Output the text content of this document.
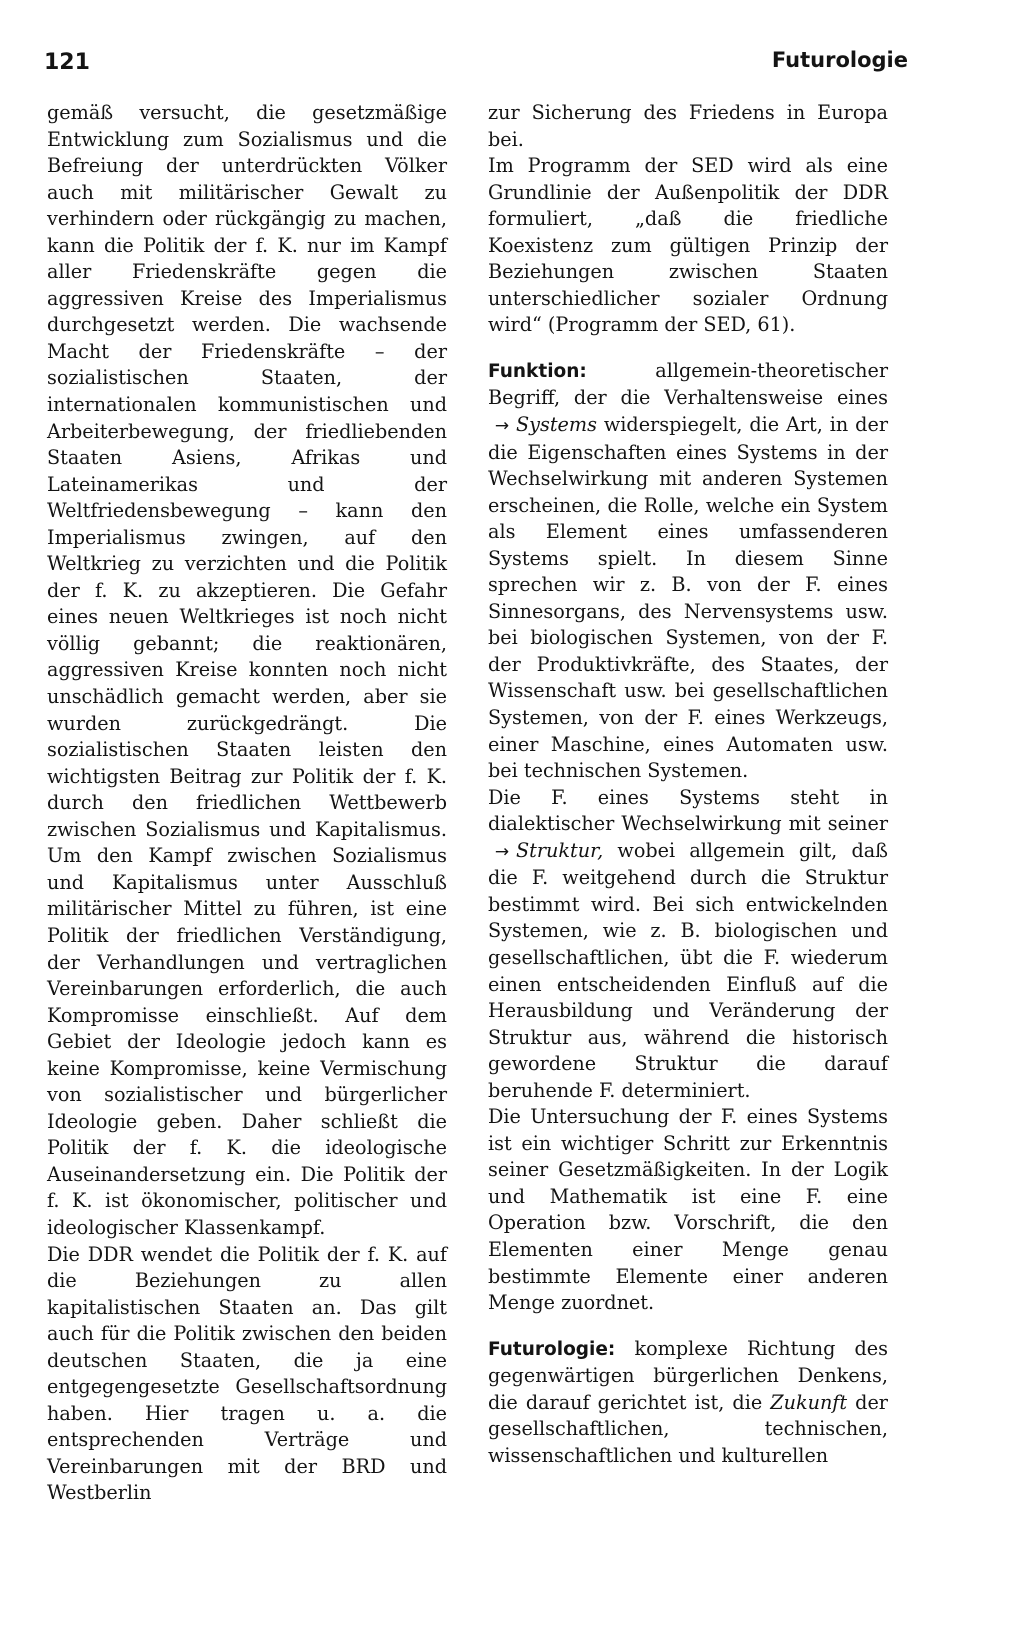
121	Futurologie

gemäß versucht, die gesetzmäßige Entwicklung zum Sozialismus und die Befreiung der unterdrückten Völker auch mit militärischer Gewalt zu verhindern oder rückgängig zu machen, kann die Politik der f. K. nur im Kampf aller Friedenskräfte gegen die aggressiven Kreise des Imperialismus durchgesetzt werden. Die wachsende Macht der Friedenskräfte – der sozialistischen Staaten, der internationalen kommunistischen und Arbeiterbewegung, der friedliebenden Staaten Asiens, Afrikas und Lateinamerikas und der Weltfriedensbewegung – kann den Imperialismus zwingen, auf den Weltkrieg zu verzichten und die Politik der f. K. zu akzeptieren. Die Gefahr eines neuen Weltkrieges ist noch nicht völlig gebannt; die reaktionären, aggressiven Kreise konnten noch nicht unschädlich gemacht werden, aber sie wurden zurückgedrängt. Die sozialistischen Staaten leisten den wichtigsten Beitrag zur Politik der f. K. durch den friedlichen Wettbewerb zwischen Sozialismus und Kapitalismus. Um den Kampf zwischen Sozialismus und Kapitalismus unter Ausschluß militärischer Mittel zu führen, ist eine Politik der friedlichen Verständigung, der Verhandlungen und vertraglichen Vereinbarungen erforderlich, die auch Kompromisse einschließt. Auf dem Gebiet der Ideologie jedoch kann es keine Kompromisse, keine Vermischung von sozialistischer und bürgerlicher Ideologie geben. Daher schließt die Politik der f. K. die ideologische Auseinandersetzung ein. Die Politik der f. K. ist ökonomischer, politischer und ideologischer Klassenkampf.

Die DDR wendet die Politik der f. K. auf die Beziehungen zu allen kapitalistischen Staaten an. Das gilt auch für die Politik zwischen den beiden deutschen Staaten, die ja eine entgegengesetzte Gesellschaftsordnung haben. Hier tragen u. a. die entsprechenden Verträge und Vereinbarungen mit der BRD und Westberlin

zur Sicherung des Friedens in Europa bei.

Im Programm der SED wird als eine Grundlinie der Außenpolitik der DDR formuliert, „daß die friedliche Koexistenz zum gültigen Prinzip der Beziehungen zwischen Staaten unterschiedlicher sozialer Ordnung wird“ (Programm der SED, 61).

Funktion: allgemein-theoretischer Begriff, der die Verhaltensweise eines → Systems widerspiegelt, die Art, in der die Eigenschaften eines Systems in der Wechselwirkung mit anderen Systemen erscheinen, die Rolle, welche ein System als Element eines umfassenderen Systems spielt. In diesem Sinne sprechen wir z. B. von der F. eines Sinnesorgans, des Nervensystems usw. bei biologischen Systemen, von der F. der Produktivkräfte, des Staates, der Wissenschaft usw. bei gesellschaftlichen Systemen, von der F. eines Werkzeugs, einer Maschine, eines Automaten usw. bei technischen Systemen.

Die F. eines Systems steht in dialektischer Wechselwirkung mit seiner → Struktur, wobei allgemein gilt, daß die F. weitgehend durch die Struktur bestimmt wird. Bei sich entwickelnden Systemen, wie z. B. biologischen und gesellschaftlichen, übt die F. wiederum einen entscheidenden Einfluß auf die Herausbildung und Veränderung der Struktur aus, während die historisch gewordene Struktur die darauf beruhende F. determiniert.

Die Untersuchung der F. eines Systems ist ein wichtiger Schritt zur Erkenntnis seiner Gesetzmäßigkeiten. In der Logik und Mathematik ist eine F. eine Operation bzw. Vorschrift, die den Elementen einer Menge genau bestimmte Elemente einer anderen Menge zuordnet.

Futurologie: komplexe Richtung des gegenwärtigen bürgerlichen Denkens, die darauf gerichtet ist, die Zukunft der gesellschaftlichen, technischen, wissenschaftlichen und kulturellen
